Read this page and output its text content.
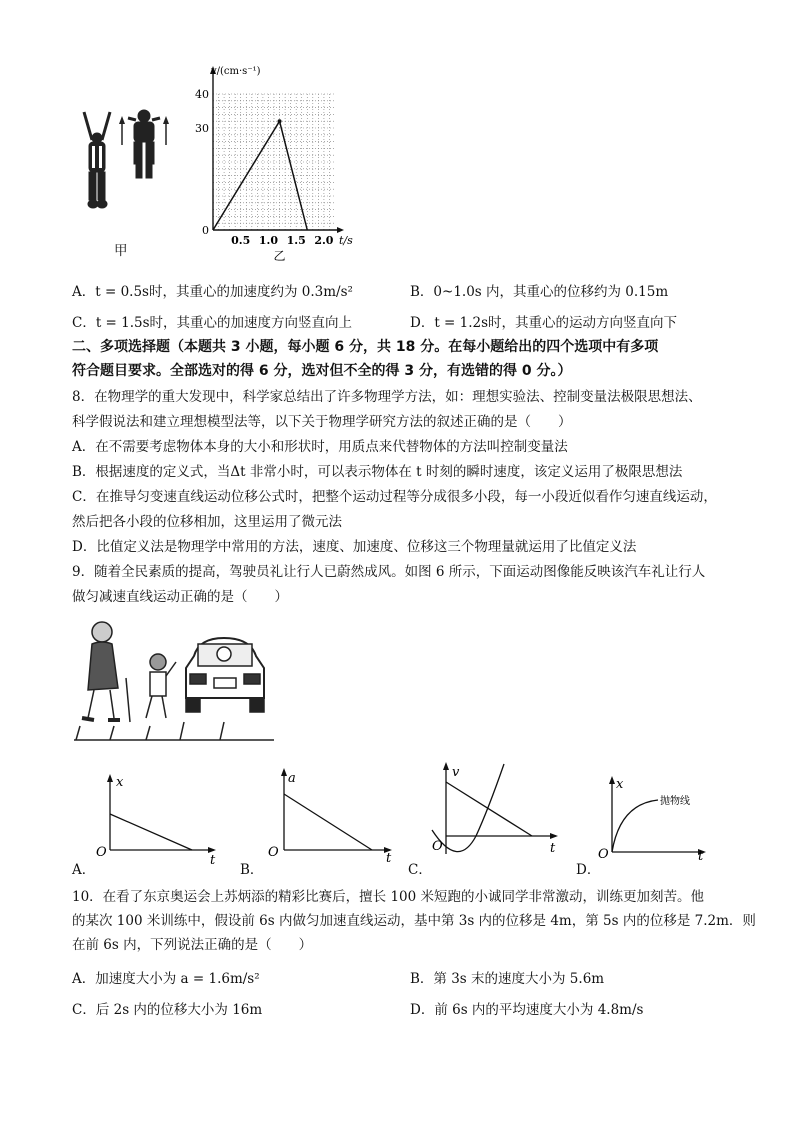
甲
0
30
40
0.5 1.0 1.5 2.0
v/(cm·s⁻¹)
t/s
乙
A．t = 0.5s时，其重心的加速度约为 0.3m/s²	B．0~1.0s 内，其重心的位移约为 0.15m
C．t = 1.5s时，其重心的加速度方向竖直向上	D．t = 1.2s时，其重心的运动方向竖直向下
二、多项选择题（本题共 3 小题，每小题 6 分，共 18 分。在每小题给出的四个选项中有多项
符合题目要求。全部选对的得 6 分，选对但不全的得 3 分，有选错的得 0 分。）
8．在物理学的重大发现中，科学家总结出了许多物理学方法，如：理想实验法、控制变量法极限思想法、
科学假说法和建立理想模型法等，以下关于物理学研究方法的叙述正确的是（　　）
A．在不需要考虑物体本身的大小和形状时，用质点来代替物体的方法叫控制变量法
B．根据速度的定义式，当Δt 非常小时，可以表示物体在 t 时刻的瞬时速度，该定义运用了极限思想法
C．在推导匀变速直线运动位移公式时，把整个运动过程等分成很多小段，每一小段近似看作匀速直线运动，
然后把各小段的位移相加，这里运用了微元法
D．比值定义法是物理学中常用的方法，速度、加速度、位移这三个物理量就运用了比值定义法
9．随着全民素质的提高，驾驶员礼让行人已蔚然成风。如图 6 所示，下面运动图像能反映该汽车礼让行人
做匀减速直线运动正确的是（　　）
x
O
t
A．
a
O	t
B．
v
O	t
C．
x
O	t
抛物线
D．
10．在看了东京奥运会上苏炳添的精彩比赛后，擅长 100 米短跑的小诚同学非常激动，训练更加刻苦。他
的某次 100 米训练中，假设前 6s 内做匀加速直线运动，基中第 3s 内的位移是 4m，第 5s 内的位移是 7.2m．则
在前 6s 内，下列说法正确的是（　　）
A．加速度大小为 a = 1.6m/s²	B．第 3s 末的速度大小为 5.6m
C．后 2s 内的位移大小为 16m	D．前 6s 内的平均速度大小为 4.8m/s
